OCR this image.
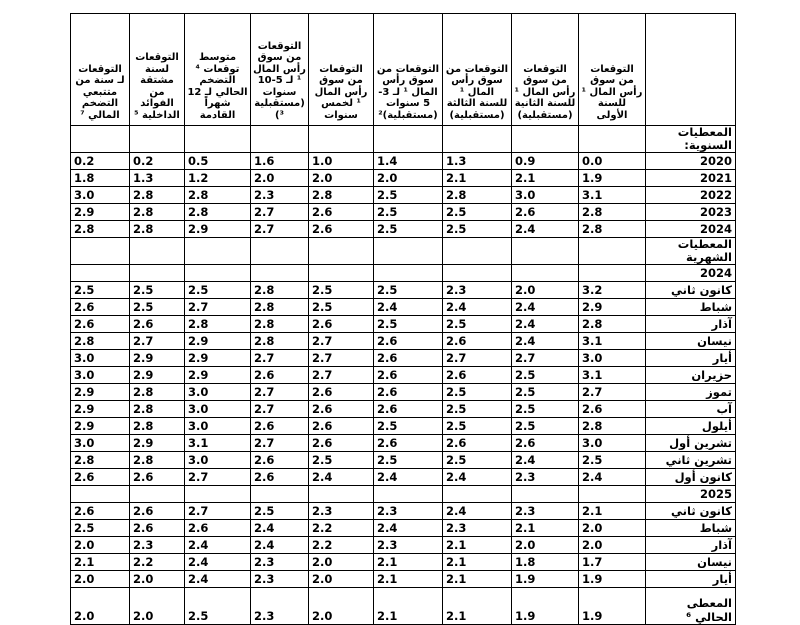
	التوقعات من سوق رأس المال ¹ للسنة الأولى	التوقعات من سوق رأس المال ¹ للسنة الثانية (مستقبلية)	التوقعات من سوق رأس المال ¹ للسنة الثالثة (مستقبلية)	التوقعات من سوق رأس المال ¹ لـ 3-5 سنوات (مستقبلية)²	التوقعات من سوق رأس المال ¹ لخمس سنوات	التوقعات من سوق رأس المال ¹ لـ 5-10 سنوات (مستقبلية ³)	متوسط توقعات ⁴ التضخم الحالي لـ 12 شهراً القادمة	التوقعات لسنة مشتقة من الفوائد الداخلية ⁵	التوقعات لـ سنة من متتبعي التضخم المالي ⁷
المعطيات السنوية:									
2020	0.0	0.9	1.3	1.4	1.0	1.6	0.5	0.2	0.2
2021	1.9	2.1	2.1	2.0	2.0	2.0	1.2	1.3	1.8
2022	3.1	3.0	2.8	2.5	2.8	2.3	2.8	2.8	3.0
2023	2.8	2.6	2.5	2.5	2.6	2.7	2.8	2.8	2.9
2024	2.8	2.4	2.5	2.5	2.6	2.7	2.9	2.8	2.8
المعطيات الشهرية									
2024									
كانون ثاني	3.2	2.0	2.3	2.5	2.5	2.8	2.5	2.5	2.5
شباط	2.9	2.4	2.4	2.4	2.5	2.8	2.7	2.5	2.6
آذار	2.8	2.4	2.5	2.5	2.6	2.8	2.8	2.6	2.6
نيسان	3.1	2.4	2.6	2.6	2.7	2.8	2.9	2.7	2.8
أيار	3.0	2.7	2.7	2.6	2.7	2.7	2.9	2.9	3.0
حزيران	3.1	2.5	2.6	2.6	2.7	2.6	2.9	2.9	3.0
تموز	2.7	2.5	2.5	2.6	2.6	2.7	3.0	2.8	2.9
آب	2.6	2.5	2.5	2.6	2.6	2.7	3.0	2.8	2.9
أيلول	2.8	2.5	2.5	2.5	2.6	2.6	3.0	2.8	2.9
تشرين أول	3.0	2.6	2.6	2.6	2.6	2.7	3.1	2.9	3.0
تشرين ثاني	2.5	2.4	2.5	2.5	2.5	2.6	3.0	2.8	2.8
كانون أول	2.4	2.3	2.4	2.4	2.4	2.6	2.7	2.6	2.6
2025									
كانون ثاني	2.1	2.3	2.4	2.3	2.3	2.5	2.7	2.6	2.6
شباط	2.0	2.1	2.3	2.4	2.2	2.4	2.6	2.6	2.5
آذار	2.0	2.0	2.1	2.3	2.2	2.4	2.4	2.3	2.0
نيسان	1.7	1.8	2.1	2.1	2.0	2.3	2.4	2.2	2.1
أيار	1.9	1.9	2.1	2.1	2.0	2.3	2.4	2.0	2.0
المعطى الحالي ⁶	1.9	1.9	2.1	2.1	2.0	2.3	2.5	2.0	2.0
